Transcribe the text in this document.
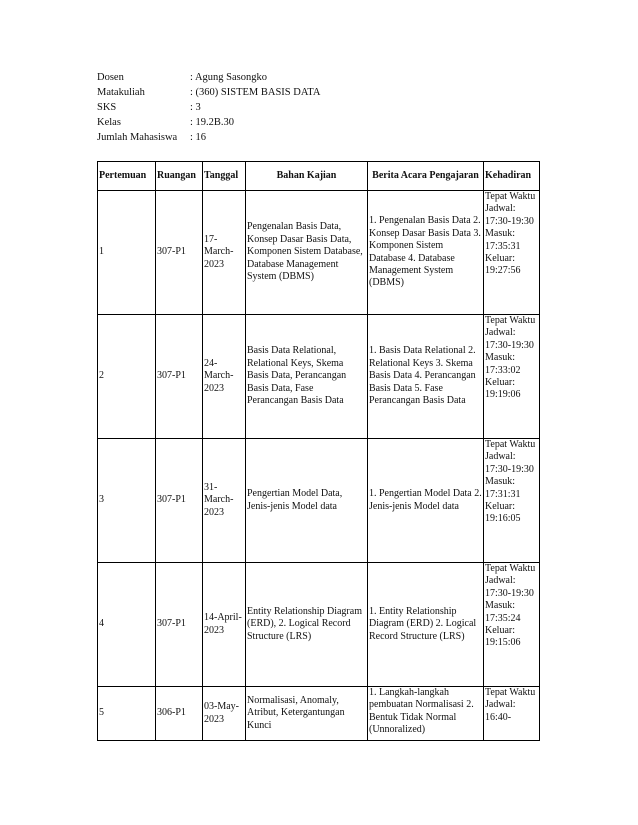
Dosen	: Agung Sasongko
Matakuliah	: (360) SISTEM BASIS DATA
SKS	: 3
Kelas	: 19.2B.30
Jumlah Mahasiswa	: 16
Pertemuan	Ruangan	Tanggal	Bahan Kajian	Berita Acara Pengajaran	Kehadiran
1	307-P1	17-March-2023	Pengenalan Basis Data, Konsep Dasar Basis Data, Komponen Sistem Database, Database Management System (DBMS)	1. Pengenalan Basis Data 2. Konsep Dasar Basis Data 3. Komponen Sistem Database 4. Database Management System (DBMS)	Tepat Waktu Jadwal: 17:30-19:30 Masuk: 17:35:31 Keluar: 19:27:56
2	307-P1	24-March-2023	Basis Data Relational, Relational Keys, Skema Basis Data, Perancangan Basis Data, Fase Perancangan Basis Data	1. Basis Data Relational 2. Relational Keys 3. Skema Basis Data 4. Perancangan Basis Data 5. Fase Perancangan Basis Data	Tepat Waktu Jadwal: 17:30-19:30 Masuk: 17:33:02 Keluar: 19:19:06
3	307-P1	31-March-2023	Pengertian Model Data, Jenis-jenis Model data	1. Pengertian Model Data 2. Jenis-jenis Model data	Tepat Waktu Jadwal: 17:30-19:30 Masuk: 17:31:31 Keluar: 19:16:05
4	307-P1	14-April-2023	Entity Relationship Diagram (ERD), 2. Logical Record Structure (LRS)	1. Entity Relationship Diagram (ERD) 2. Logical Record Structure (LRS)	Tepat Waktu Jadwal: 17:30-19:30 Masuk: 17:35:24 Keluar: 19:15:06
5	306-P1	03-May-2023	Normalisasi, Anomaly, Atribut, Ketergantungan Kunci	1. Langkah-langkah pembuatan Normalisasi 2. Bentuk Tidak Normal (Unnoralized)	Tepat Waktu Jadwal: 16:40-
